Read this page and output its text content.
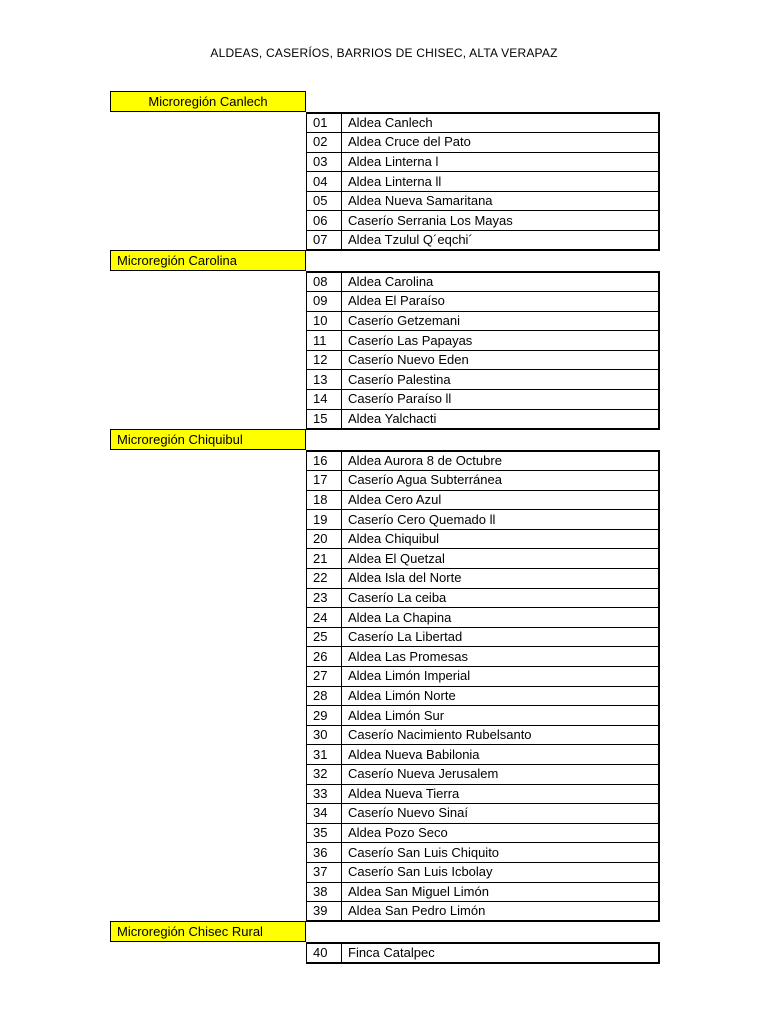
ALDEAS, CASERÍOS, BARRIOS DE CHISEC, ALTA VERAPAZ
Microregión Canlech
01	Aldea Canlech
02	Aldea Cruce del Pato
03	Aldea Linterna l
04	Aldea Linterna ll
05	Aldea Nueva Samaritana
06	Caserío Serrania Los Mayas
07	Aldea Tzulul Q´eqchi´
Microregión Carolina
08	Aldea Carolina
09	Aldea El Paraíso
10	Caserío Getzemani
11	Caserío Las Papayas
12	Caserío Nuevo Eden
13	Caserío Palestina
14	Caserío Paraíso ll
15	Aldea Yalchacti
Microregión Chiquibul
16	Aldea Aurora 8 de Octubre
17	Caserío Agua Subterránea
18	Aldea Cero Azul
19	Caserío Cero Quemado ll
20	Aldea Chiquibul
21	Aldea El Quetzal
22	Aldea Isla del Norte
23	Caserío La ceiba
24	Aldea La Chapina
25	Caserío La Libertad
26	Aldea Las Promesas
27	Aldea Limón Imperial
28	Aldea Limón Norte
29	Aldea Limón Sur
30	Caserío Nacimiento Rubelsanto
31	Aldea Nueva Babilonia
32	Caserío Nueva Jerusalem
33	Aldea Nueva Tierra
34	Caserío Nuevo Sinaí
35	Aldea Pozo Seco
36	Caserío San Luis Chiquito
37	Caserío San Luis Icbolay
38	Aldea San Miguel Limón
39	Aldea San Pedro Limón
Microregión Chisec Rural
40	Finca Catalpec
